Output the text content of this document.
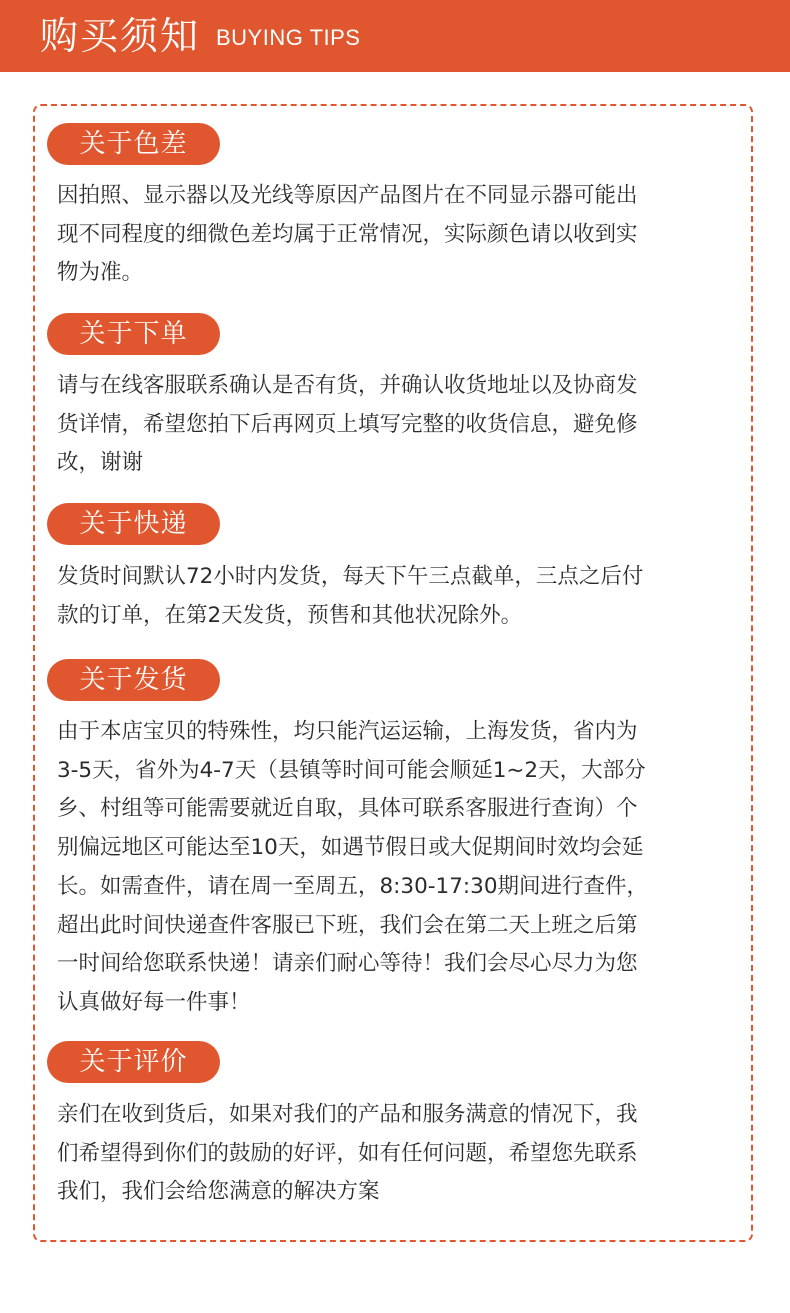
购买须知 BUYING TIPS
关于色差
因拍照、显示器以及光线等原因产品图片在不同显示器可能出
现不同程度的细微色差均属于正常情况，实际颜色请以收到实
物为准。
关于下单
请与在线客服联系确认是否有货，并确认收货地址以及协商发
货详情，希望您拍下后再网页上填写完整的收货信息，避免修
改，谢谢
关于快递
发货时间默认72小时内发货，每天下午三点截单，三点之后付
款的订单，在第2天发货，预售和其他状况除外。
关于发货
由于本店宝贝的特殊性，均只能汽运运输，上海发货，省内为
3-5天，省外为4-7天（县镇等时间可能会顺延1~2天，大部分
乡、村组等可能需要就近自取，具体可联系客服进行查询）个
别偏远地区可能达至10天，如遇节假日或大促期间时效均会延
长。如需查件，请在周一至周五，8:30-17:30期间进行查件，
超出此时间快递查件客服已下班，我们会在第二天上班之后第
一时间给您联系快递！请亲们耐心等待！我们会尽心尽力为您
认真做好每一件事！
关于评价
亲们在收到货后，如果对我们的产品和服务满意的情况下，我
们希望得到你们的鼓励的好评，如有任何问题，希望您先联系
我们，我们会给您满意的解决方案
